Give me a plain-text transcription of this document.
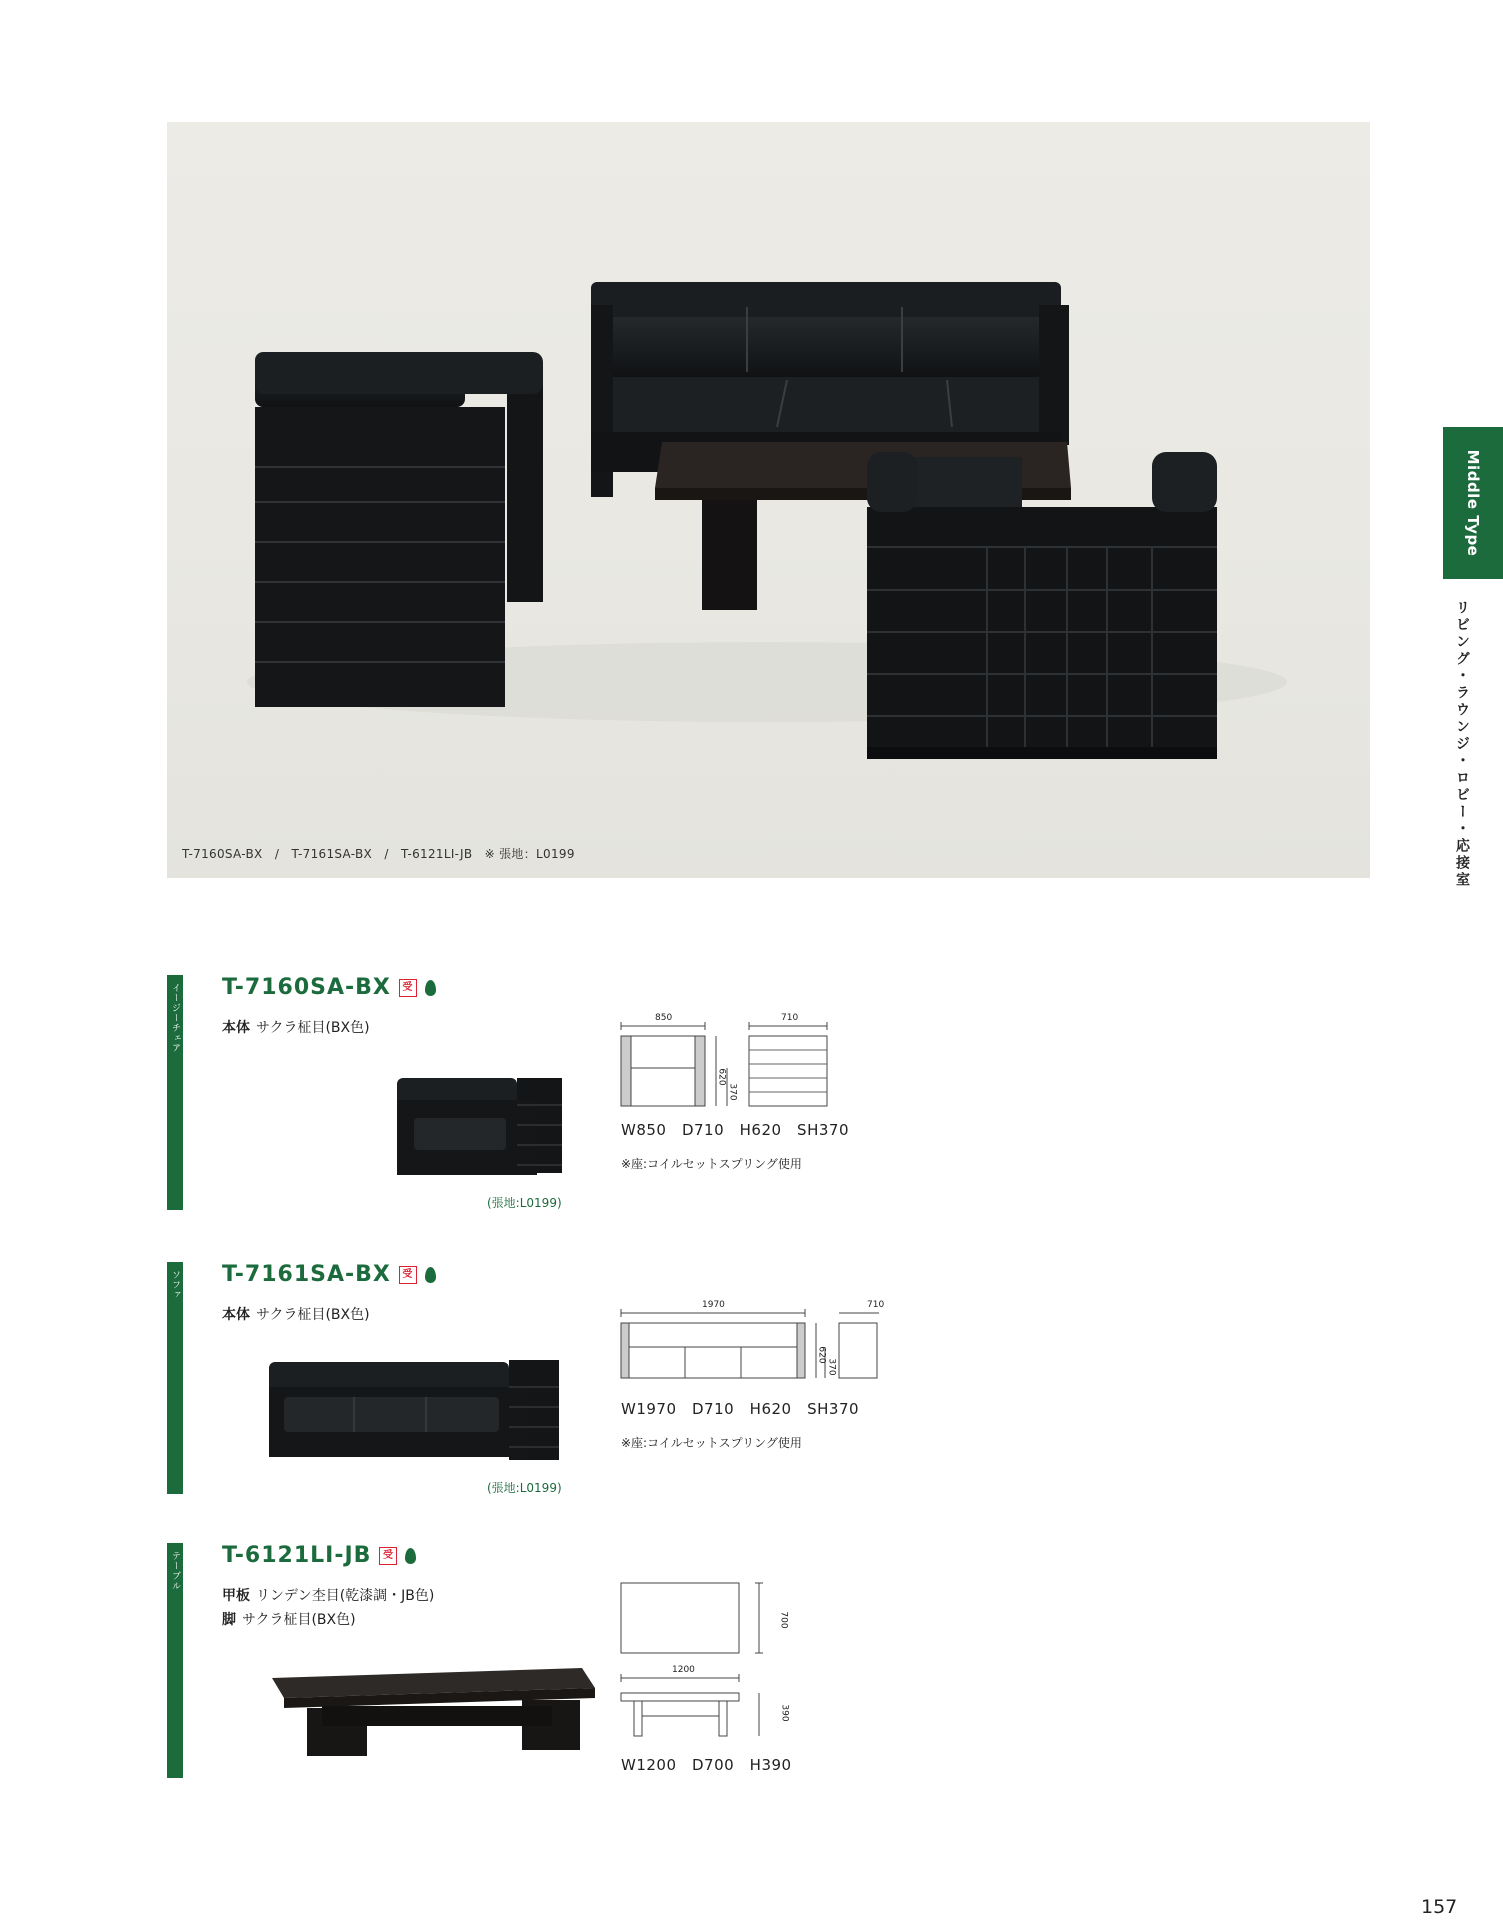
T-7160SA-BX　/　T-7161SA-BX　/　T-6121LI-JB　※ 張地：L0199
Middle Type
リビング・ラウンジ・ロビー・応接室
イージーチェア T-7160SA-BX	受
本体 サクラ柾目(BX色)
(張地:L0199)
850	710
620
370
W850　D710　H620　SH370
※座:コイルセットスプリング使用
ソファ T-7161SA-BX	受
本体 サクラ柾目(BX色)
(張地:L0199)
1970	710
620
370
W1970　D710　H620　SH370
※座:コイルセットスプリング使用
テーブル T-6121LI-JB	受
甲板 リンデン杢目(乾漆調・JB色)
脚 サクラ柾目(BX色)	700
1200
390
W1200　D700　H390
157
